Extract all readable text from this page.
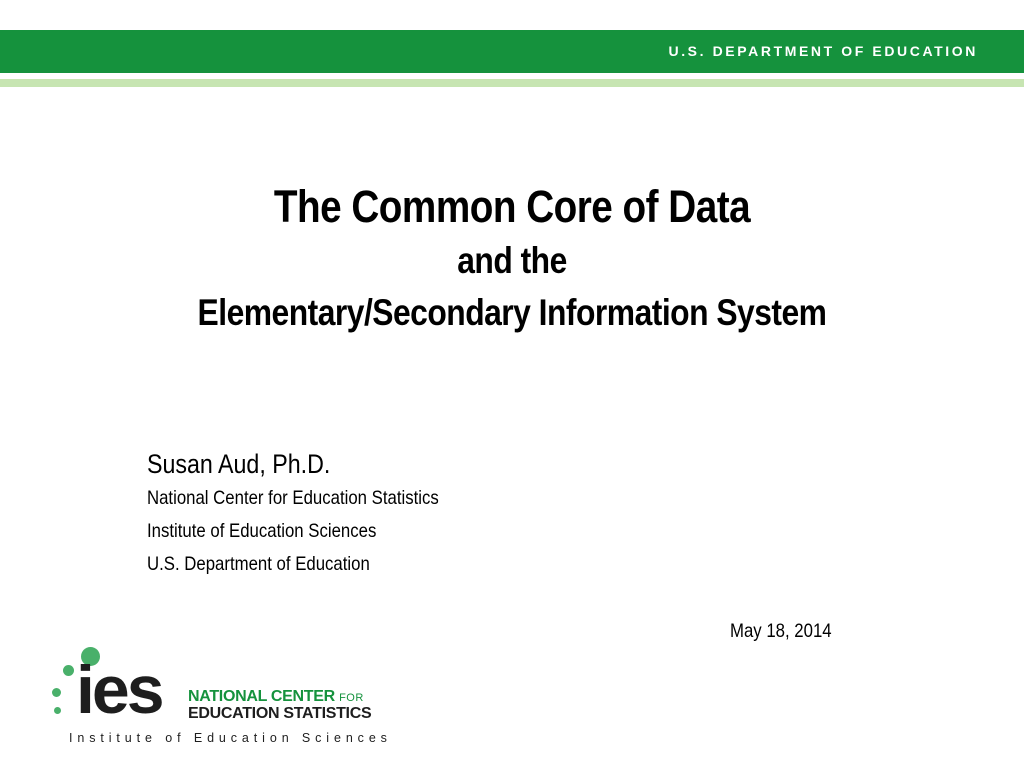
U.S. DEPARTMENT OF EDUCATION
The Common Core of Data
and the
Elementary/Secondary Information System
Susan Aud, Ph.D.
National Center for Education Statistics
Institute of Education Sciences
U.S. Department of Education
May 18, 2014
ies NATIONAL CENTER FOR
EDUCATION STATISTICS
Institute of Education Sciences
